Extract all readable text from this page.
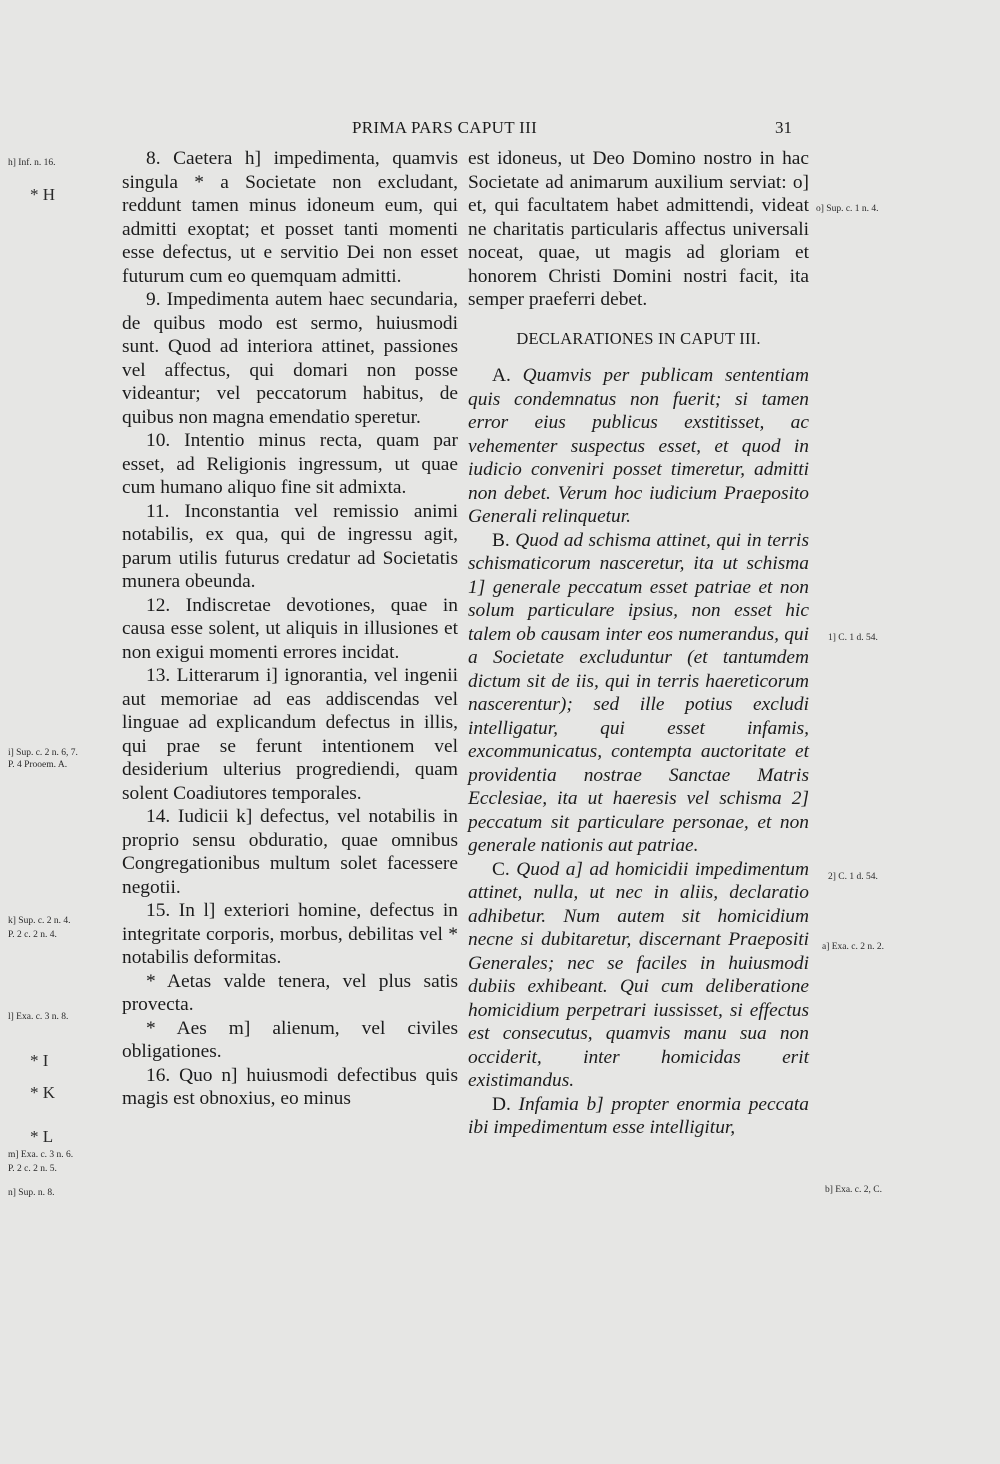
PRIMA PARS CAPUT III	31
h] Inf. n. 16.
* H
i] Sup. c. 2 n. 6, 7.
P. 4 Prooem. A.
k] Sup. c. 2 n. 4.
P. 2 c. 2 n. 4.
l] Exa. c. 3 n. 8.
* I
* K
* L
m] Exa. c. 3 n. 6.
P. 2 c. 2 n. 5.
n] Sup. n. 8.
o] Sup. c. 1 n. 4.
1] C. 1 d. 54.
2] C. 1 d. 54.
a] Exa. c. 2 n. 2.
b] Exa. c. 2, C.

8. Caetera h] impedimenta, quamvis singula * a Societate non excludant, reddunt tamen minus idoneum eum, qui admitti exoptat; et posset tanti momenti esse defectus, ut e servitio Dei non esset futurum cum eo quemquam admitti.

9. Impedimenta autem haec secundaria, de quibus modo est sermo, huiusmodi sunt. Quod ad interiora attinet, passiones vel affectus, qui domari non posse videantur; vel peccatorum habitus, de quibus non magna emendatio speretur.

10. Intentio minus recta, quam par esset, ad Religionis ingressum, ut quae cum humano aliquo fine sit admixta.

11. Inconstantia vel remissio animi notabilis, ex qua, qui de ingressu agit, parum utilis futurus credatur ad Societatis munera obeunda.

12. Indiscretae devotiones, quae in causa esse solent, ut aliquis in illusiones et non exigui momenti errores incidat.

13. Litterarum i] ignorantia, vel ingenii aut memoriae ad eas addiscendas vel linguae ad explicandum defectus in illis, qui prae se ferunt intentionem vel desiderium ulterius progrediendi, quam solent Coadiutores temporales.

14. Iudicii k] defectus, vel notabilis in proprio sensu obduratio, quae omnibus Congregationibus multum solet facessere negotii.

15. In l] exteriori homine, defectus in integritate corporis, morbus, debilitas vel * notabilis deformitas.

* Aetas valde tenera, vel plus satis provecta.

* Aes m] alienum, vel civiles obligationes.

16. Quo n] huiusmodi defectibus quis magis est obnoxius, eo minus

est idoneus, ut Deo Domino nostro in hac Societate ad animarum auxilium serviat: o] et, qui facultatem habet admittendi, videat ne charitatis particularis affectus universali noceat, quae, ut magis ad gloriam et honorem Christi Domini nostri facit, ita semper praeferri debet.

DECLARATIONES IN CAPUT III.

A. Quamvis per publicam sententiam quis condemnatus non fuerit; si tamen error eius publicus exstitisset, ac vehementer suspectus esset, et quod in iudicio conveniri posset timeretur, admitti non debet. Verum hoc iudicium Praeposito Generali relinquetur.

B. Quod ad schisma attinet, qui in terris schismaticorum nasceretur, ita ut schisma 1] generale peccatum esset patriae et non solum particulare ipsius, non esset hic talem ob causam inter eos numerandus, qui a Societate excluduntur (et tantumdem dictum sit de iis, qui in terris haereticorum nascerentur); sed ille potius excludi intelligatur, qui esset infamis, excommunicatus, contempta auctoritate et providentia nostrae Sanctae Matris Ecclesiae, ita ut haeresis vel schisma 2] peccatum sit particulare personae, et non generale nationis aut patriae.

C. Quod a] ad homicidii impedimentum attinet, nulla, ut nec in aliis, declaratio adhibetur. Num autem sit homicidium necne si dubitaretur, discernant Praepositi Generales; nec se faciles in huiusmodi dubiis exhibeant. Qui cum deliberatione homicidium perpetrari iussisset, si effectus est consecutus, quamvis manu sua non occiderit, inter homicidas erit existimandus.

D. Infamia b] propter enormia peccata ibi impedimentum esse intelligitur,
